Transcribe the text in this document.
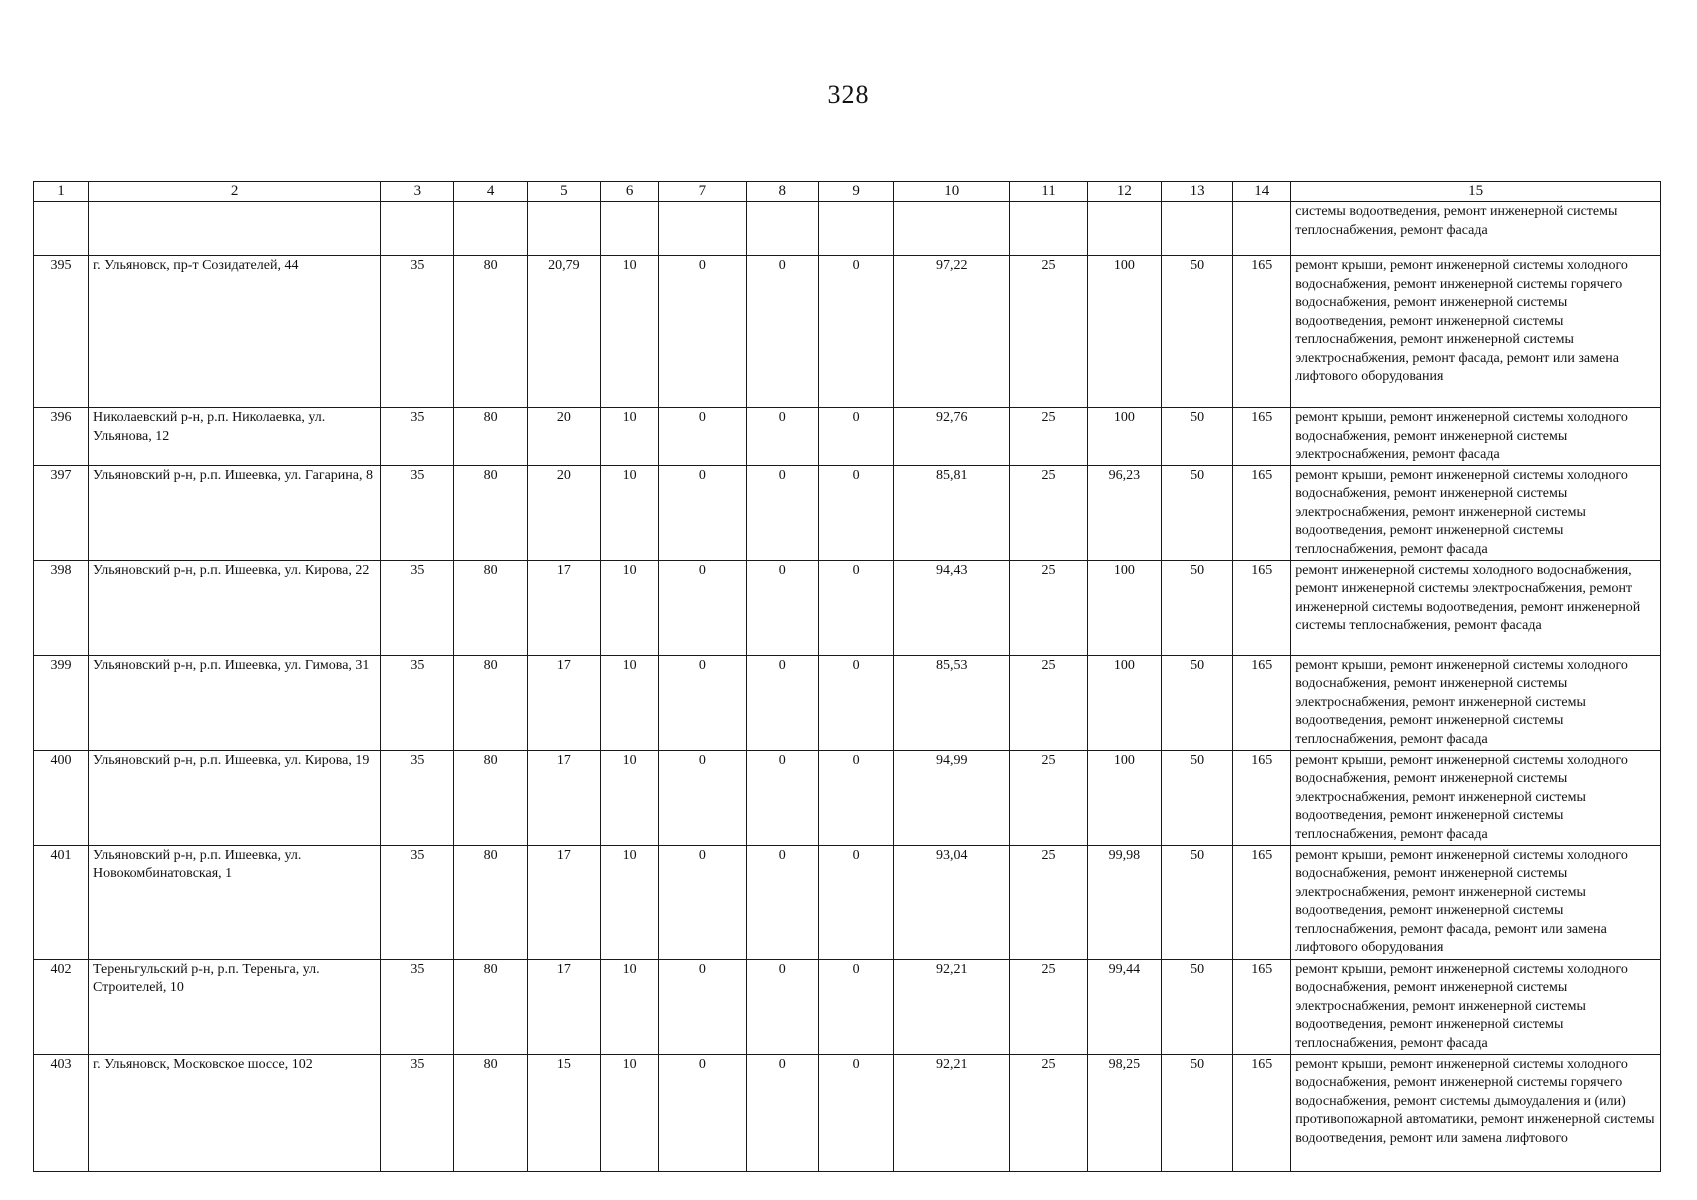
328
1	2	3	4	5	6	7	8	9	10	11	12	13	14	15
														системы водоотведения, ремонт инженерной системы теплоснабжения, ремонт фасада
395	г. Ульяновск, пр-т Созидателей, 44	35	80	20,79	10	0	0	0	97,22	25	100	50	165	ремонт крыши, ремонт инженерной системы холодного водоснабжения, ремонт инженерной системы горячего водоснабжения, ремонт инженерной системы водоотведения, ремонт инженерной системы теплоснабжения, ремонт инженерной системы электроснабжения, ремонт фасада, ремонт или замена лифтового оборудования
396	Николаевский р-н, р.п. Николаевка, ул. Ульянова, 12	35	80	20	10	0	0	0	92,76	25	100	50	165	ремонт крыши, ремонт инженерной системы холодного водоснабжения, ремонт инженерной системы электроснабжения, ремонт фасада
397	Ульяновский р-н, р.п. Ишеевка, ул. Гагарина, 8	35	80	20	10	0	0	0	85,81	25	96,23	50	165	ремонт крыши, ремонт инженерной системы холодного водоснабжения, ремонт инженерной системы электроснабжения, ремонт инженерной системы водоотведения, ремонт инженерной системы теплоснабжения, ремонт фасада
398	Ульяновский р-н, р.п. Ишеевка, ул. Кирова, 22	35	80	17	10	0	0	0	94,43	25	100	50	165	ремонт инженерной системы холодного водоснабжения, ремонт инженерной системы электроснабжения, ремонт инженерной системы водоотведения, ремонт инженерной системы теплоснабжения, ремонт фасада
399	Ульяновский р-н, р.п. Ишеевка, ул. Гимова, 31	35	80	17	10	0	0	0	85,53	25	100	50	165	ремонт крыши, ремонт инженерной системы холодного водоснабжения, ремонт инженерной системы электроснабжения, ремонт инженерной системы водоотведения, ремонт инженерной системы теплоснабжения, ремонт фасада
400	Ульяновский р-н, р.п. Ишеевка, ул. Кирова, 19	35	80	17	10	0	0	0	94,99	25	100	50	165	ремонт крыши, ремонт инженерной системы холодного водоснабжения, ремонт инженерной системы электроснабжения, ремонт инженерной системы водоотведения, ремонт инженерной системы теплоснабжения, ремонт фасада
401	Ульяновский р-н, р.п. Ишеевка, ул. Новокомбинатовская, 1	35	80	17	10	0	0	0	93,04	25	99,98	50	165	ремонт крыши, ремонт инженерной системы холодного водоснабжения, ремонт инженерной системы электроснабжения, ремонт инженерной системы водоотведения, ремонт инженерной системы теплоснабжения, ремонт фасада, ремонт или замена лифтового оборудования
402	Тереньгульский р-н, р.п. Тереньга, ул. Строителей, 10	35	80	17	10	0	0	0	92,21	25	99,44	50	165	ремонт крыши, ремонт инженерной системы холодного водоснабжения, ремонт инженерной системы электроснабжения, ремонт инженерной системы водоотведения, ремонт инженерной системы теплоснабжения, ремонт фасада
403	г. Ульяновск, Московское шоссе, 102	35	80	15	10	0	0	0	92,21	25	98,25	50	165	ремонт крыши, ремонт инженерной системы холодного водоснабжения, ремонт инженерной системы горячего водоснабжения, ремонт системы дымоудаления и (или) противопожарной автоматики, ремонт инженерной системы водоотведения, ремонт или замена лифтового
